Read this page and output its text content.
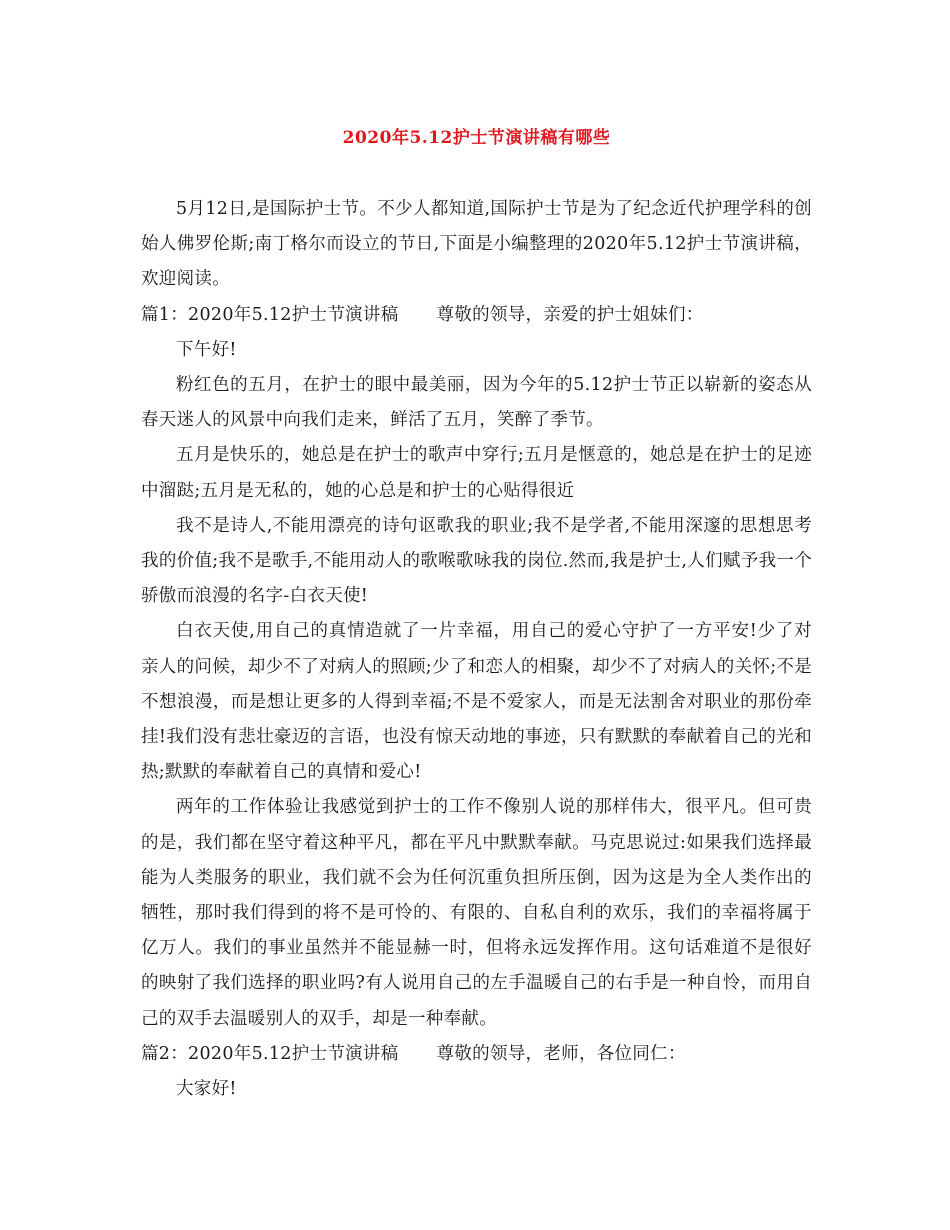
2020年5.12护士节演讲稿有哪些

5月12日,是国际护士节。不少人都知道,国际护士节是为了纪念近代护理学科的创始人佛罗伦斯;南丁格尔而设立的节日,下面是小编整理的2020年5.12护士节演讲稿，欢迎阅读。

篇1：2020年5.12护士节演讲稿 尊敬的领导，亲爱的护士姐妹们：

下午好!

粉红色的五月，在护士的眼中最美丽，因为今年的5.12护士节正以崭新的姿态从春天迷人的风景中向我们走来，鲜活了五月，笑醉了季节。

五月是快乐的，她总是在护士的歌声中穿行;五月是惬意的，她总是在护士的足迹中溜跶;五月是无私的，她的心总是和护士的心贴得很近

我不是诗人,不能用漂亮的诗句讴歌我的职业;我不是学者,不能用深邃的思想思考我的价值;我不是歌手,不能用动人的歌喉歌咏我的岗位.然而,我是护士,人们赋予我一个骄傲而浪漫的名字-白衣天使!

白衣天使,用自己的真情造就了一片幸福，用自己的爱心守护了一方平安!少了对亲人的问候，却少不了对病人的照顾;少了和恋人的相聚，却少不了对病人的关怀;不是不想浪漫，而是想让更多的人得到幸福;不是不爱家人，而是无法割舍对职业的那份牵挂!我们没有悲壮豪迈的言语，也没有惊天动地的事迹，只有默默的奉献着自己的光和热;默默的奉献着自己的真情和爱心!

两年的工作体验让我感觉到护士的工作不像别人说的那样伟大，很平凡。但可贵的是，我们都在坚守着这种平凡，都在平凡中默默奉献。马克思说过:如果我们选择最能为人类服务的职业，我们就不会为任何沉重负担所压倒，因为这是为全人类作出的牺牲，那时我们得到的将不是可怜的、有限的、自私自利的欢乐，我们的幸福将属于亿万人。我们的事业虽然并不能显赫一时，但将永远发挥作用。这句话难道不是很好的映射了我们选择的职业吗?有人说用自己的左手温暖自己的右手是一种自怜，而用自己的双手去温暖别人的双手，却是一种奉献。

篇2：2020年5.12护士节演讲稿 尊敬的领导，老师，各位同仁：

大家好!
